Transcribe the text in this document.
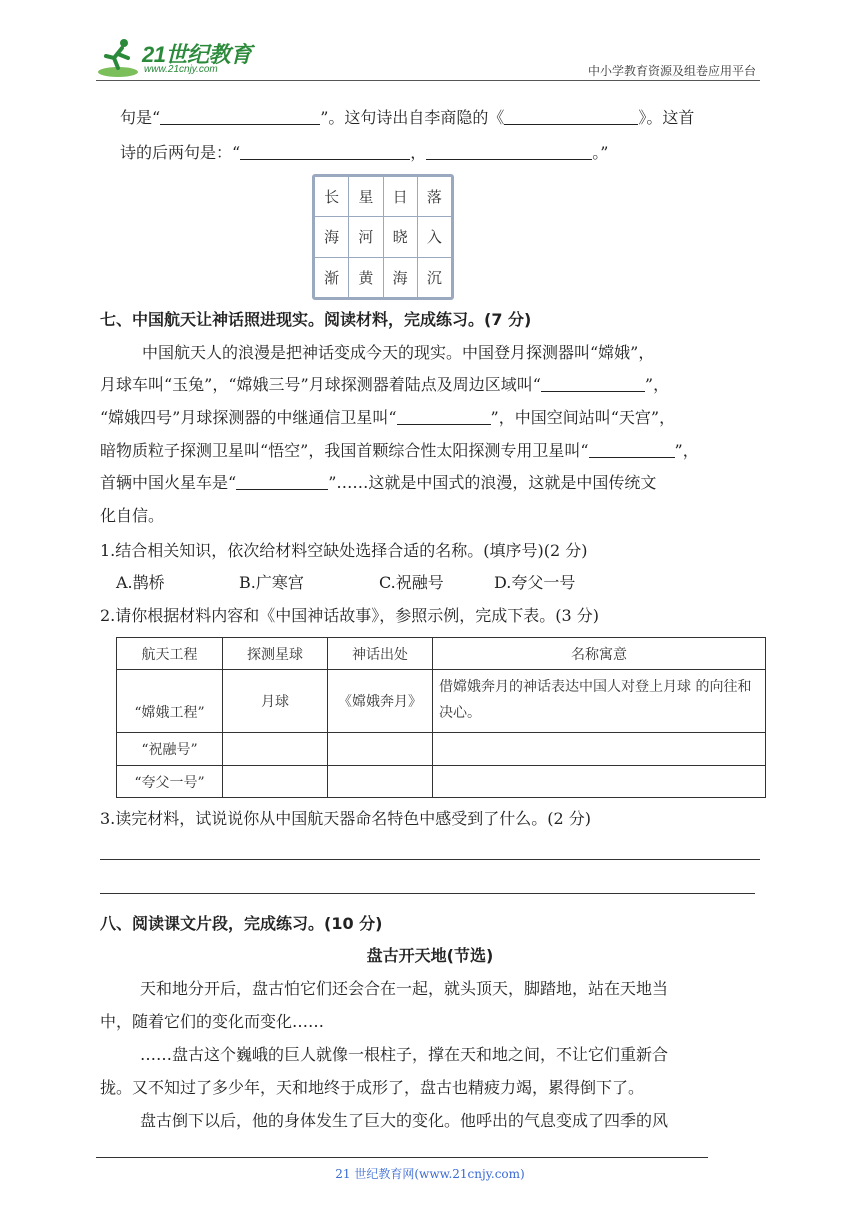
21世纪教育
www.21cnjy.com	中小学教育资源及组卷应用平台
句是“	”。这句诗出自李商隐的《	》。这首
诗的后两句是：“	，	。”
长	星	日	落
海	河	晓	入
渐	黄	海	沉
七、中国航天让神话照进现实。阅读材料，完成练习。(7 分)
中国航天人的浪漫是把神话变成今天的现实。中国登月探测器叫“嫦娥”，
月球车叫“玉兔”，“嫦娥三号”月球探测器着陆点及周边区域叫“	”，
“嫦娥四号”月球探测器的中继通信卫星叫“	”，中国空间站叫“天宫”，
暗物质粒子探测卫星叫“悟空”，我国首颗综合性太阳探测专用卫星叫“	”，
首辆中国火星车是“	”……这就是中国式的浪漫，这就是中国传统文
化自信。
1.结合相关知识，依次给材料空缺处选择合适的名称。(填序号)(2 分)
A.鹊桥	B.广寒宫	C.祝融号	D.夸父一号
2.请你根据材料内容和《中国神话故事》，参照示例，完成下表。(3 分)
航天工程	探测星球	神话出处	名称寓意
“嫦娥工程”	月球	《嫦娥奔月》	借嫦娥奔月的神话表达中国人对登上月球 的向往和决心。
“祝融号”			
“夸父一号”			
3.读完材料，试说说你从中国航天器命名特色中感受到了什么。(2 分)
八、阅读课文片段，完成练习。(10 分)
盘古开天地(节选)
天和地分开后，盘古怕它们还会合在一起，就头顶天，脚踏地，站在天地当
中，随着它们的变化而变化……
……盘古这个巍峨的巨人就像一根柱子，撑在天和地之间，不让它们重新合
拢。又不知过了多少年，天和地终于成形了，盘古也精疲力竭，累得倒下了。
盘古倒下以后，他的身体发生了巨大的变化。他呼出的气息变成了四季的风
21 世纪教育网(www.21cnjy.com)
